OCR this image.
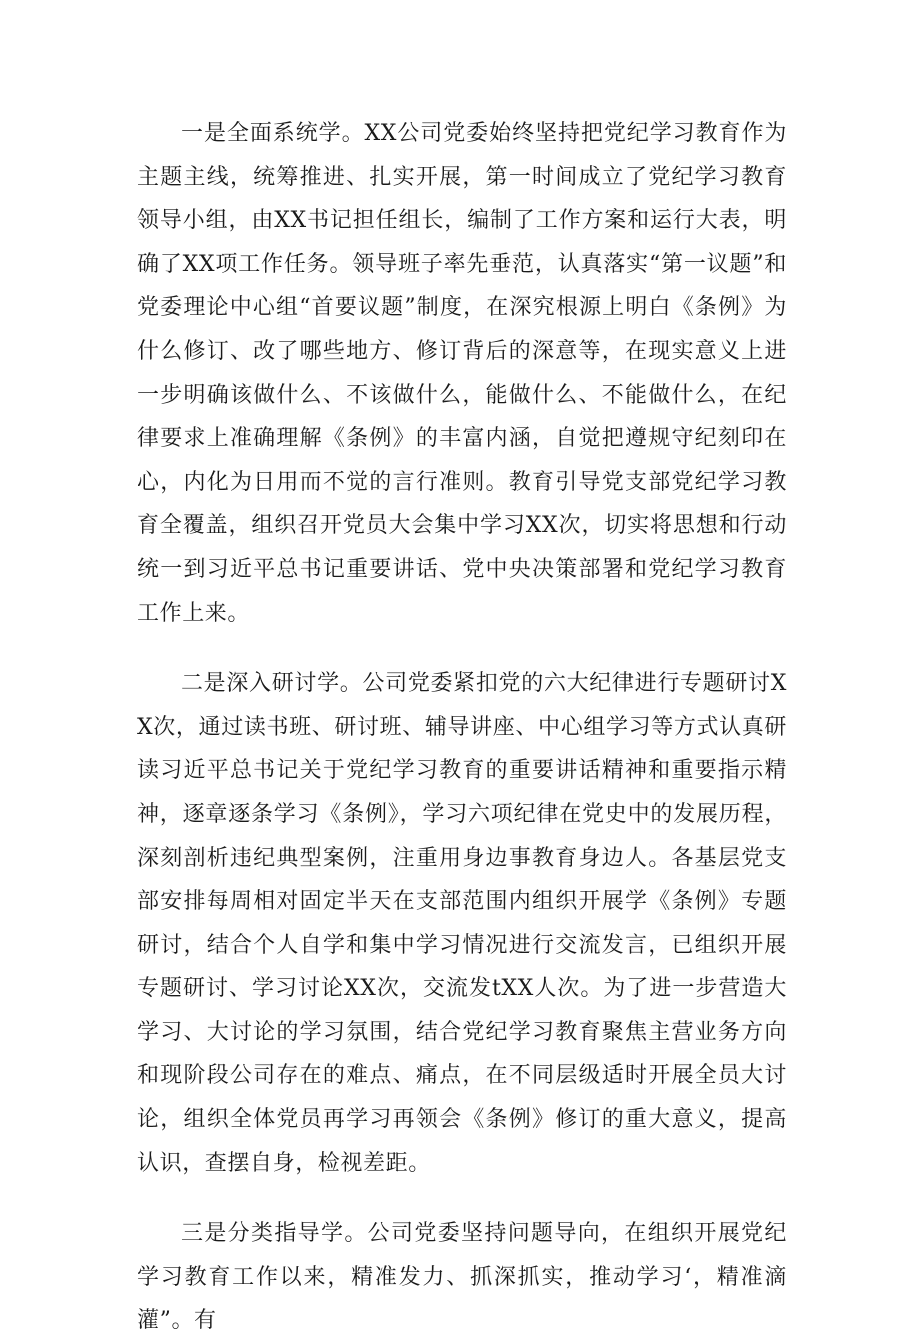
一是全面系统学。XX公司党委始终坚持把党纪学习教育作为主题主线，统筹推进、扎实开展，第一时间成立了党纪学习教育领导小组，由XX书记担任组长，编制了工作方案和运行大表，明确了XX项工作任务。领导班子率先垂范，认真落实“第一议题”和党委理论中心组“首要议题”制度，在深究根源上明白《条例》为什么修订、改了哪些地方、修订背后的深意等，在现实意义上进一步明确该做什么、不该做什么，能做什么、不能做什么，在纪律要求上准确理解《条例》的丰富内涵，自觉把遵规守纪刻印在心，内化为日用而不觉的言行准则。教育引导党支部党纪学习教育全覆盖，组织召开党员大会集中学习XX次，切实将思想和行动统一到习近平总书记重要讲话、党中央决策部署和党纪学习教育工作上来。

二是深入研讨学。公司党委紧扣党的六大纪律进行专题研讨XX次，通过读书班、研讨班、辅导讲座、中心组学习等方式认真研读习近平总书记关于党纪学习教育的重要讲话精神和重要指示精神，逐章逐条学习《条例》，学习六项纪律在党史中的发展历程，深刻剖析违纪典型案例，注重用身边事教育身边人。各基层党支部安排每周相对固定半天在支部范围内组织开展学《条例》专题研讨，结合个人自学和集中学习情况进行交流发言，已组织开展专题研讨、学习讨论XX次，交流发tXX人次。为了进一步营造大学习、大讨论的学习氛围，结合党纪学习教育聚焦主营业务方向和现阶段公司存在的难点、痛点，在不同层级适时开展全员大讨论，组织全体党员再学习再领会《条例》修订的重大意义，提高认识，查摆自身，检视差距。

三是分类指导学。公司党委坚持问题导向，在组织开展党纪学习教育工作以来，精准发力、抓深抓实，推动学习‘，精准滴灌”。有
